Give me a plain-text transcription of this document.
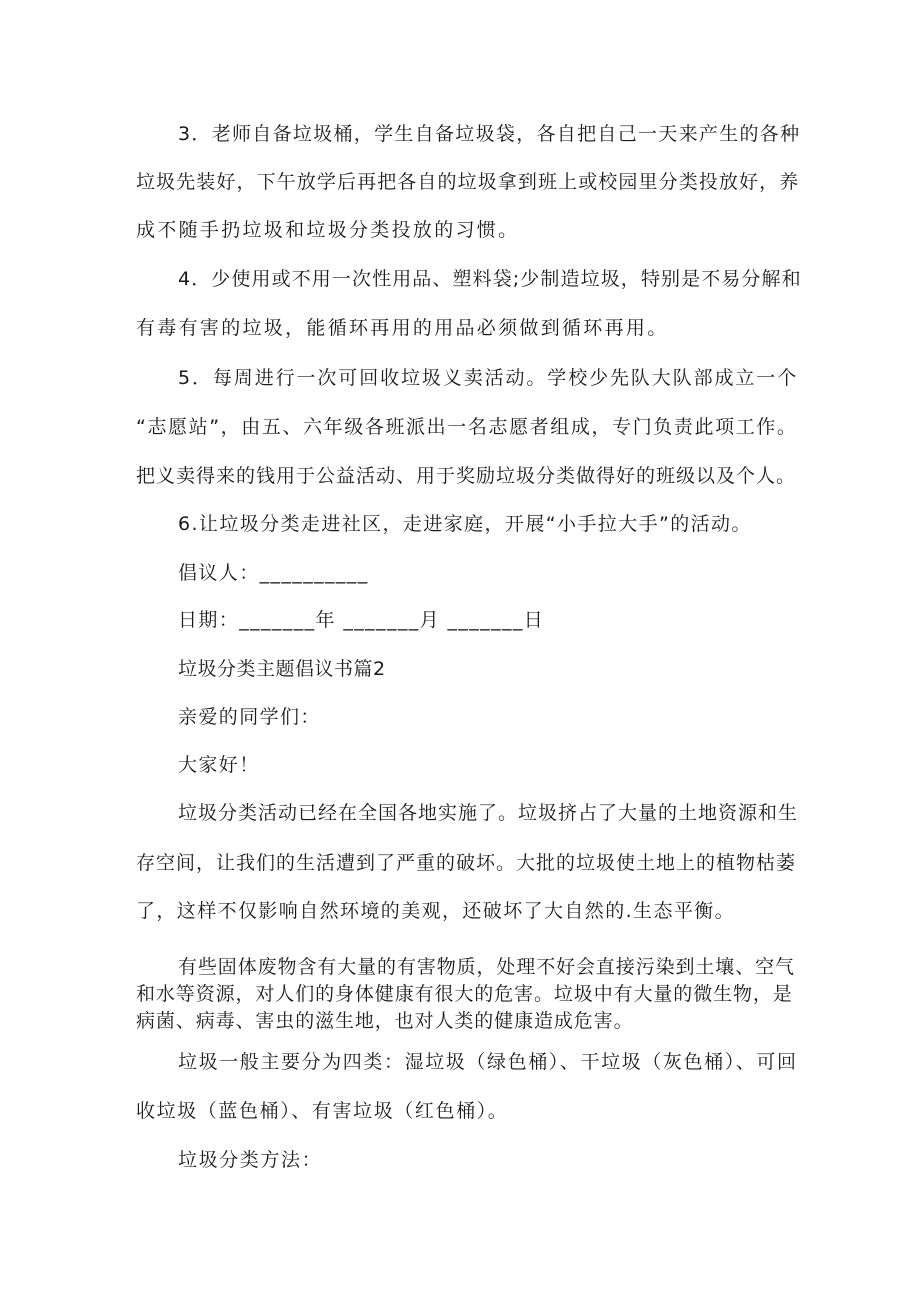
3．老师自备垃圾桶，学生自备垃圾袋，各自把自己一天来产生的各种
垃圾先装好，下午放学后再把各自的垃圾拿到班上或校园里分类投放好，养
成不随手扔垃圾和垃圾分类投放的习惯。
4．少使用或不用一次性用品、塑料袋;少制造垃圾，特别是不易分解和
有毒有害的垃圾，能循环再用的用品必须做到循环再用。
5．每周进行一次可回收垃圾义卖活动。学校少先队大队部成立一个
“志愿站”，由五、六年级各班派出一名志愿者组成，专门负责此项工作。
把义卖得来的钱用于公益活动、用于奖励垃圾分类做得好的班级以及个人。
6.让垃圾分类走进社区，走进家庭，开展“小手拉大手”的活动。
倡议人：__________
日期：_______年 _______月 _______日
垃圾分类主题倡议书篇2
亲爱的同学们：
大家好！
垃圾分类活动已经在全国各地实施了。垃圾挤占了大量的土地资源和生
存空间，让我们的生活遭到了严重的破坏。大批的垃圾使土地上的植物枯萎
了，这样不仅影响自然环境的美观，还破坏了大自然的.生态平衡。
有些固体废物含有大量的有害物质，处理不好会直接污染到土壤、空气
和水等资源，对人们的身体健康有很大的危害。垃圾中有大量的微生物，是
病菌、病毒、害虫的滋生地，也对人类的健康造成危害。
垃圾一般主要分为四类：湿垃圾（绿色桶）、干垃圾（灰色桶）、可回
收垃圾（蓝色桶）、有害垃圾（红色桶）。
垃圾分类方法：
